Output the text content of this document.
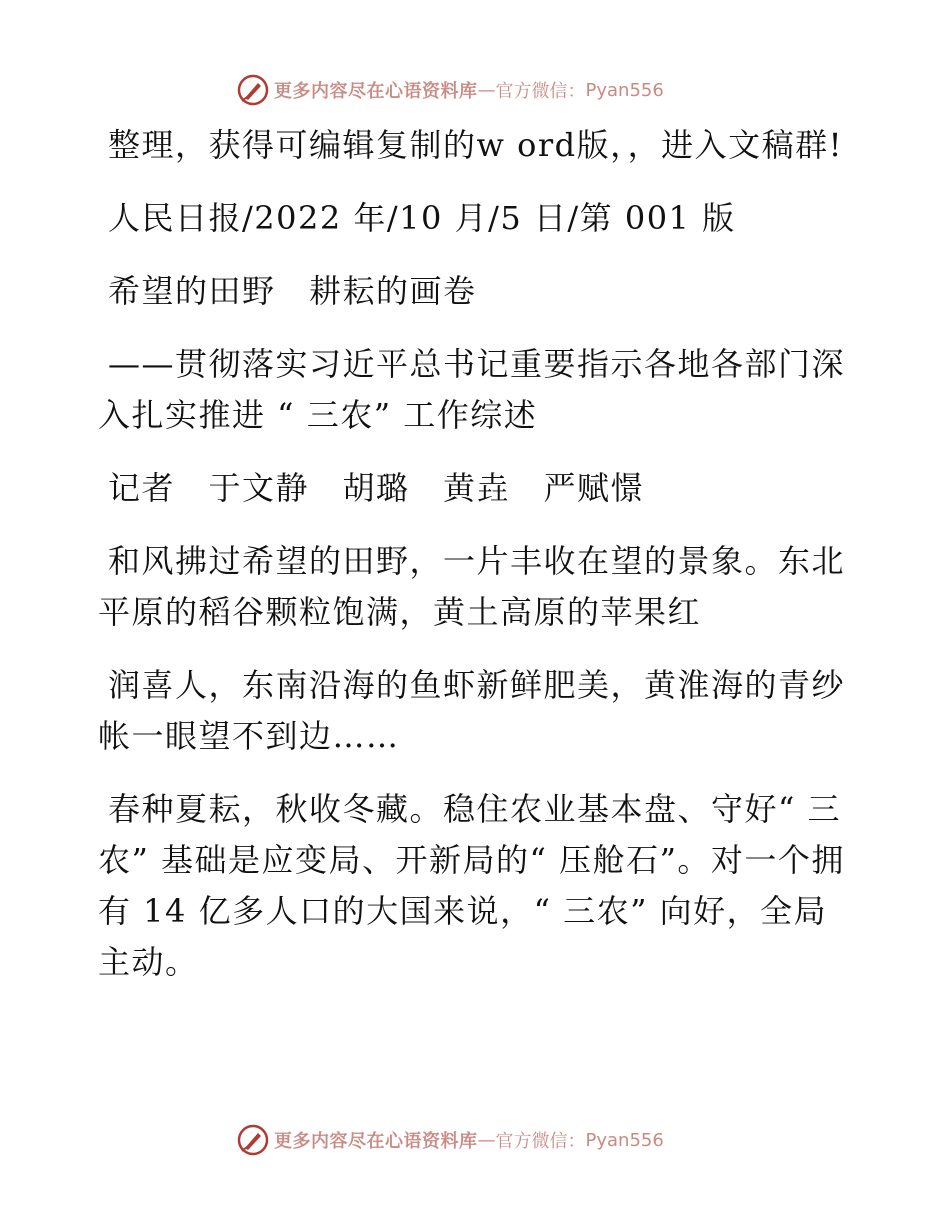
更多内容尽在心语资料库 — 官方微信： Pyan556

整理，获得可编辑复制的w ord版，，进入文稿群!

人民日报/2022 年/10 月/5 日/第 001 版

希望的田野　耕耘的画卷

——贯彻落实习近平总书记重要指示各地各部门深入扎实推进 “ 三农” 工作综述

记者　于文静　胡璐　黄垚　严赋憬

和风拂过希望的田野，一片丰收在望的景象。东北平原的稻谷颗粒饱满，黄土高原的苹果红

润喜人，东南沿海的鱼虾新鲜肥美，黄淮海的青纱帐一眼望不到边……

春种夏耘，秋收冬藏。稳住农业基本盘、守好“ 三农” 基础是应变局、开新局的“ 压舱石”。对一个拥有 14 亿多人口的大国来说，“ 三农” 向好，全局主动。

更多内容尽在心语资料库 — 官方微信： Pyan556
